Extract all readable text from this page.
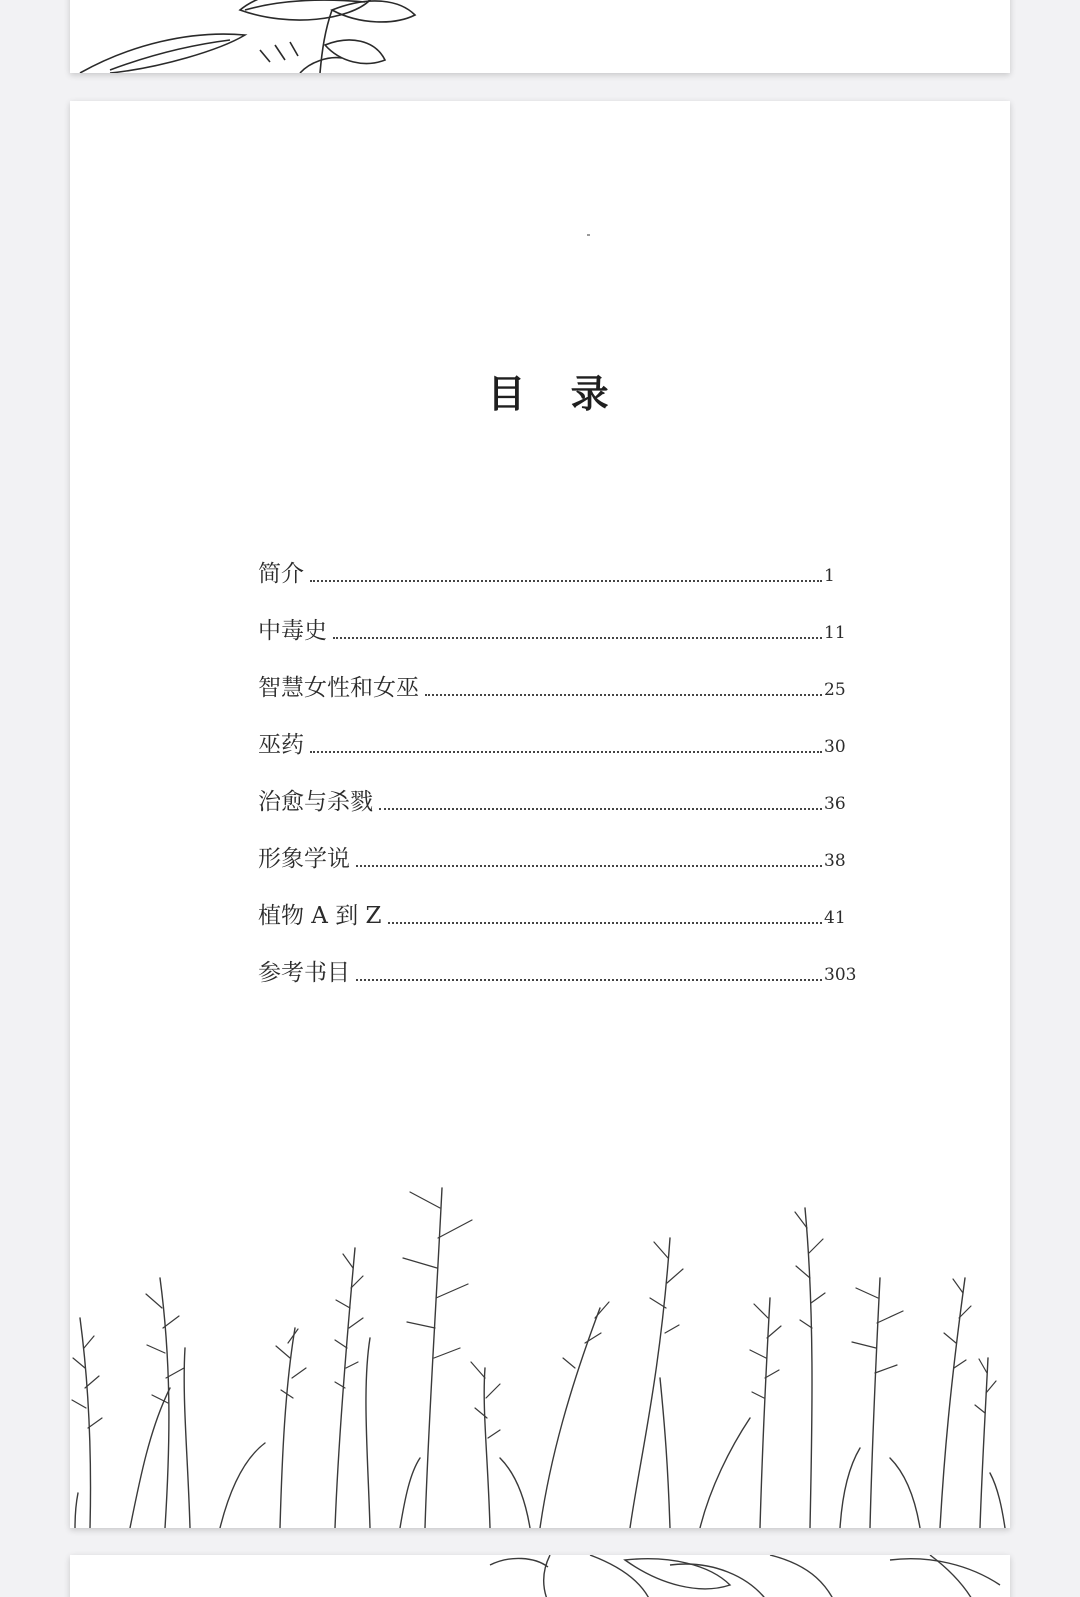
目 录
简介	1
中毒史	11
智慧女性和女巫	25
巫药	30
治愈与杀戮	36
形象学说	38
植物 A 到 Z	41
参考书目	303
